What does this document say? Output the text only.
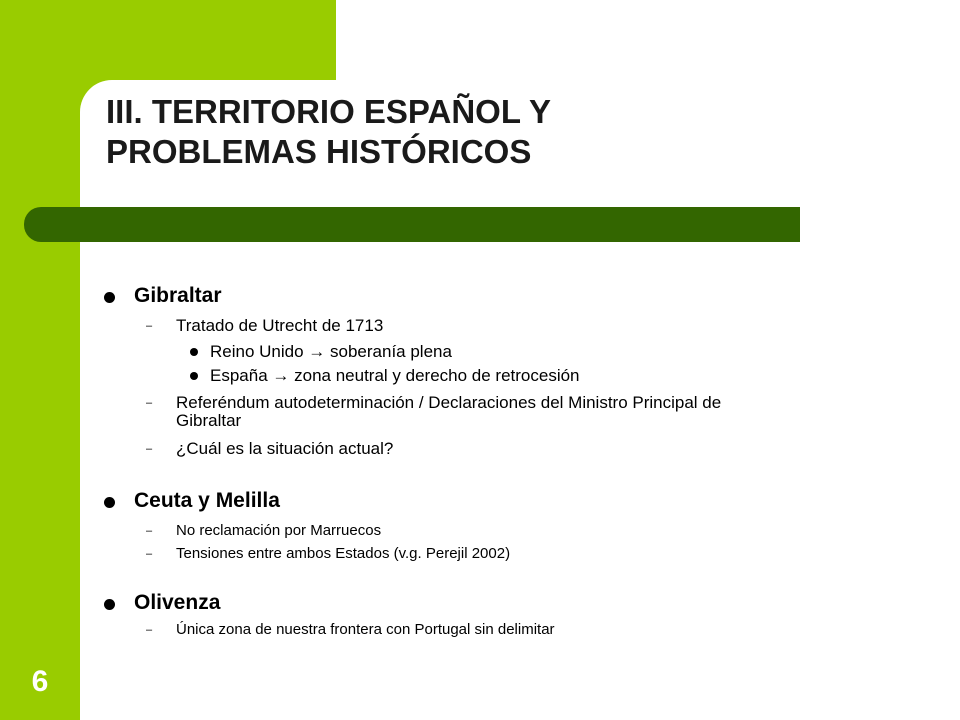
III. TERRITORIO ESPAÑOL Y
PROBLEMAS HISTÓRICOS
Gibraltar
– Tratado de Utrecht de 1713
Reino Unido → soberanía plena
España → zona neutral y derecho de retrocesión
– Referéndum autodeterminación / Declaraciones del Ministro Principal de
Gibraltar
– ¿Cuál es la situación actual?
Ceuta y Melilla
– No reclamación por Marruecos
– Tensiones entre ambos Estados (v.g. Perejil 2002)
Olivenza
– Única zona de nuestra frontera con Portugal sin delimitar
6
